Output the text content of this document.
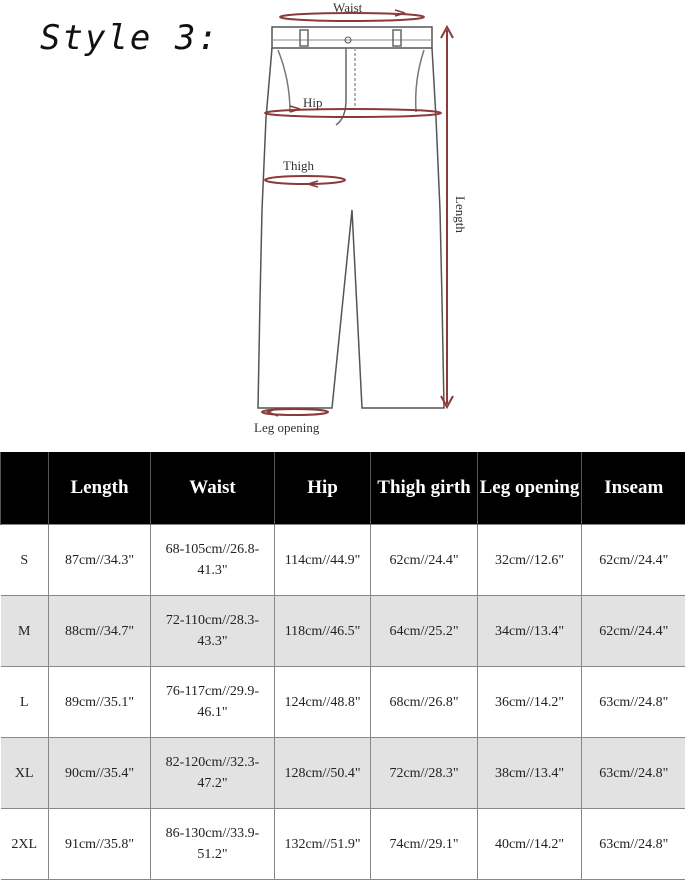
Style 3:
Waist
Hip
Thigh
Length
Leg opening
	Length	Waist	Hip	Thigh girth	Leg opening	Inseam
S	87cm//34.3"	68-105cm//26.8-41.3"	114cm//44.9"	62cm//24.4"	32cm//12.6"	62cm//24.4"
M	88cm//34.7"	72-110cm//28.3-43.3"	118cm//46.5"	64cm//25.2"	34cm//13.4"	62cm//24.4"
L	89cm//35.1"	76-117cm//29.9-46.1"	124cm//48.8"	68cm//26.8"	36cm//14.2"	63cm//24.8"
XL	90cm//35.4"	82-120cm//32.3-47.2"	128cm//50.4"	72cm//28.3"	38cm//13.4"	63cm//24.8"
2XL	91cm//35.8"	86-130cm//33.9-51.2"	132cm//51.9"	74cm//29.1"	40cm//14.2"	63cm//24.8"
